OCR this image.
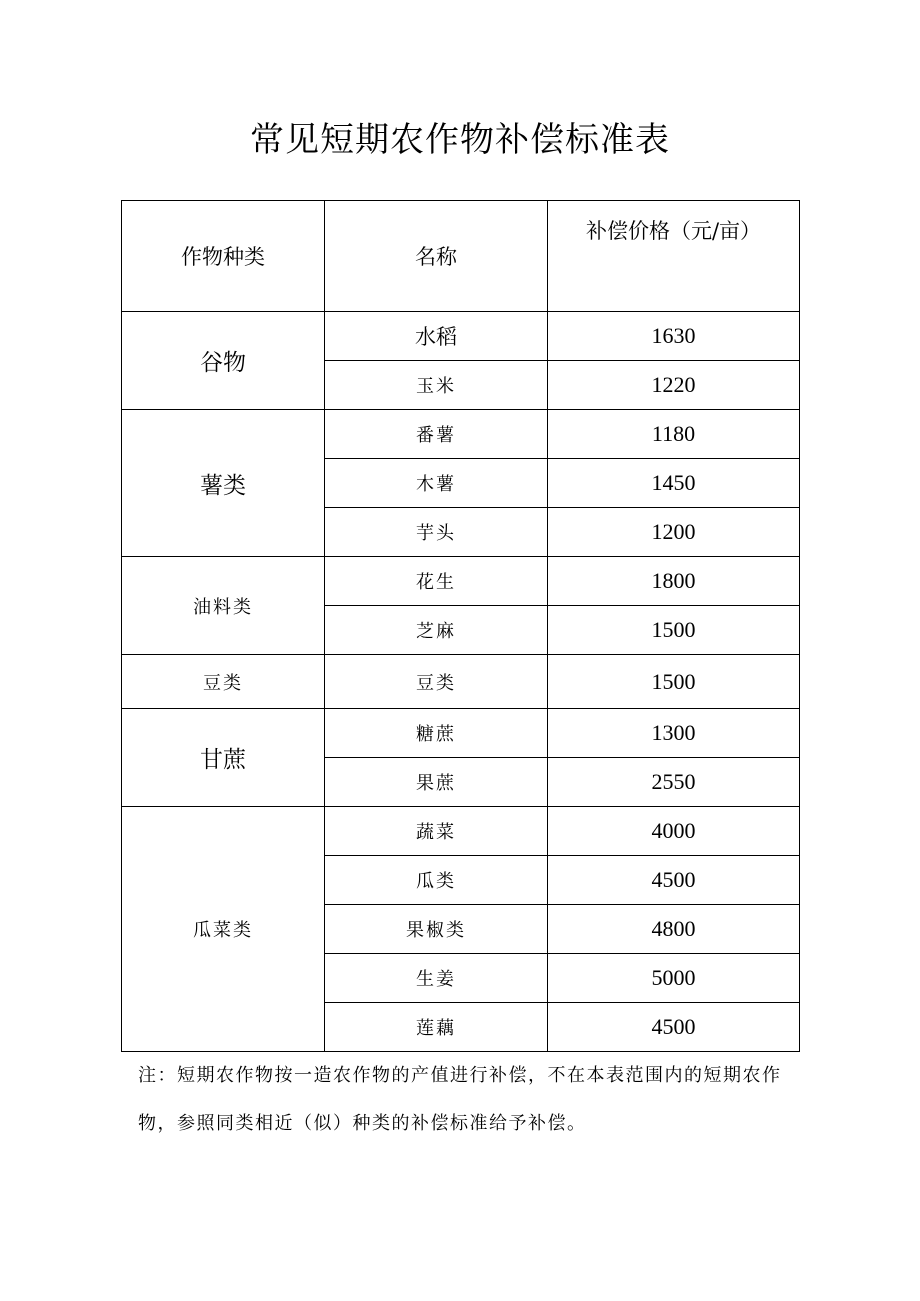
常见短期农作物补偿标准表
作物种类	名称	补偿价格（元/亩）
谷物	水稻	1630
	玉米	1220
薯类	番薯	1180
	木薯	1450
	芋头	1200
油料类	花生	1800
	芝麻	1500
豆类	豆类	1500
甘蔗	糖蔗	1300
	果蔗	2550
瓜菜类	蔬菜	4000
	瓜类	4500
	果椒类	4800
	生姜	5000
	莲藕	4500
注：短期农作物按一造农作物的产值进行补偿，不在本表范围内的短期农作物，参照同类相近（似）种类的补偿标准给予补偿。
